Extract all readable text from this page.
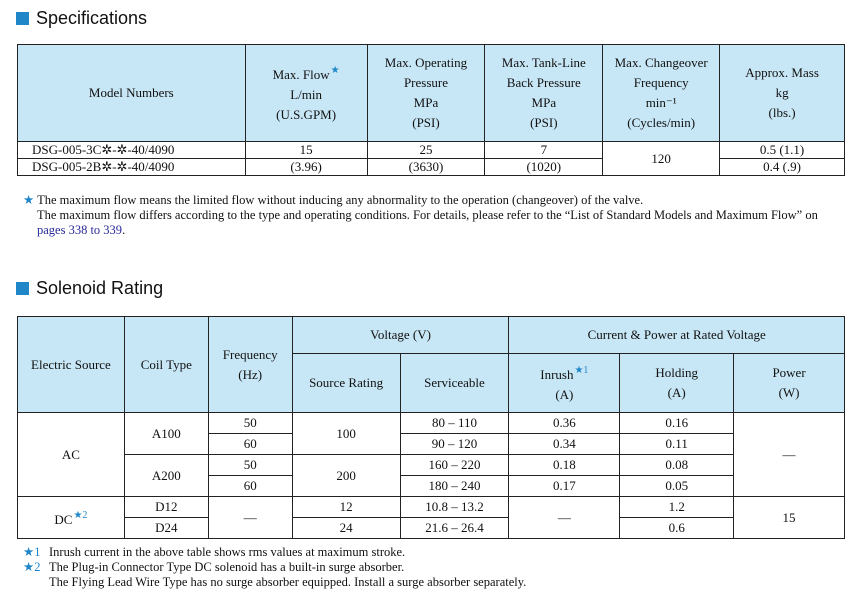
Specifications
Model Numbers	Max. Flow★
L/min
(U.S.GPM)	Max. Operating
Pressure
MPa
(PSI)	Max. Tank-Line
Back Pressure
MPa
(PSI)	Max. Changeover
Frequency
min⁻¹
(Cycles/min)	Approx. Mass
kg
(lbs.)
DSG-005-3C✲-✲-40/4090	15	25	7	120	0.5 (1.1)
DSG-005-2B✲-✲-40/4090	(3.96)	(3630)	(1020)		0.4 (.9)
★ The maximum flow means the limited flow without inducing any abnormality to the operation (changeover) of the valve.
The maximum flow differs according to the type and operating conditions. For details, please refer to the “List of Standard Models and Maximum Flow” on pages 338 to 339.
Solenoid Rating
Electric Source	Coil Type	Frequency
(Hz)	Voltage (V)		Current & Power at Rated Voltage		
			Source Rating	Serviceable	Inrush$^{★1}$
(A)	Holding
(A)	Power
(W)
AC	A100	50	100	80 – 110	0.36	0.16	—
		60		90 – 120	0.34	0.11	
	A200	50	200	160 – 220	0.18	0.08	
		60		180 – 240	0.17	0.05	
$DC^{★2}$	D12	—	12	10.8 – 13.2	—	1.2	15
	D24		24	21.6 – 26.4		0.6	
★1 Inrush current in the above table shows rms values at maximum stroke.
★2 The Plug-in Connector Type DC solenoid has a built-in surge absorber.
The Flying Lead Wire Type has no surge absorber equipped. Install a surge absorber separately.
